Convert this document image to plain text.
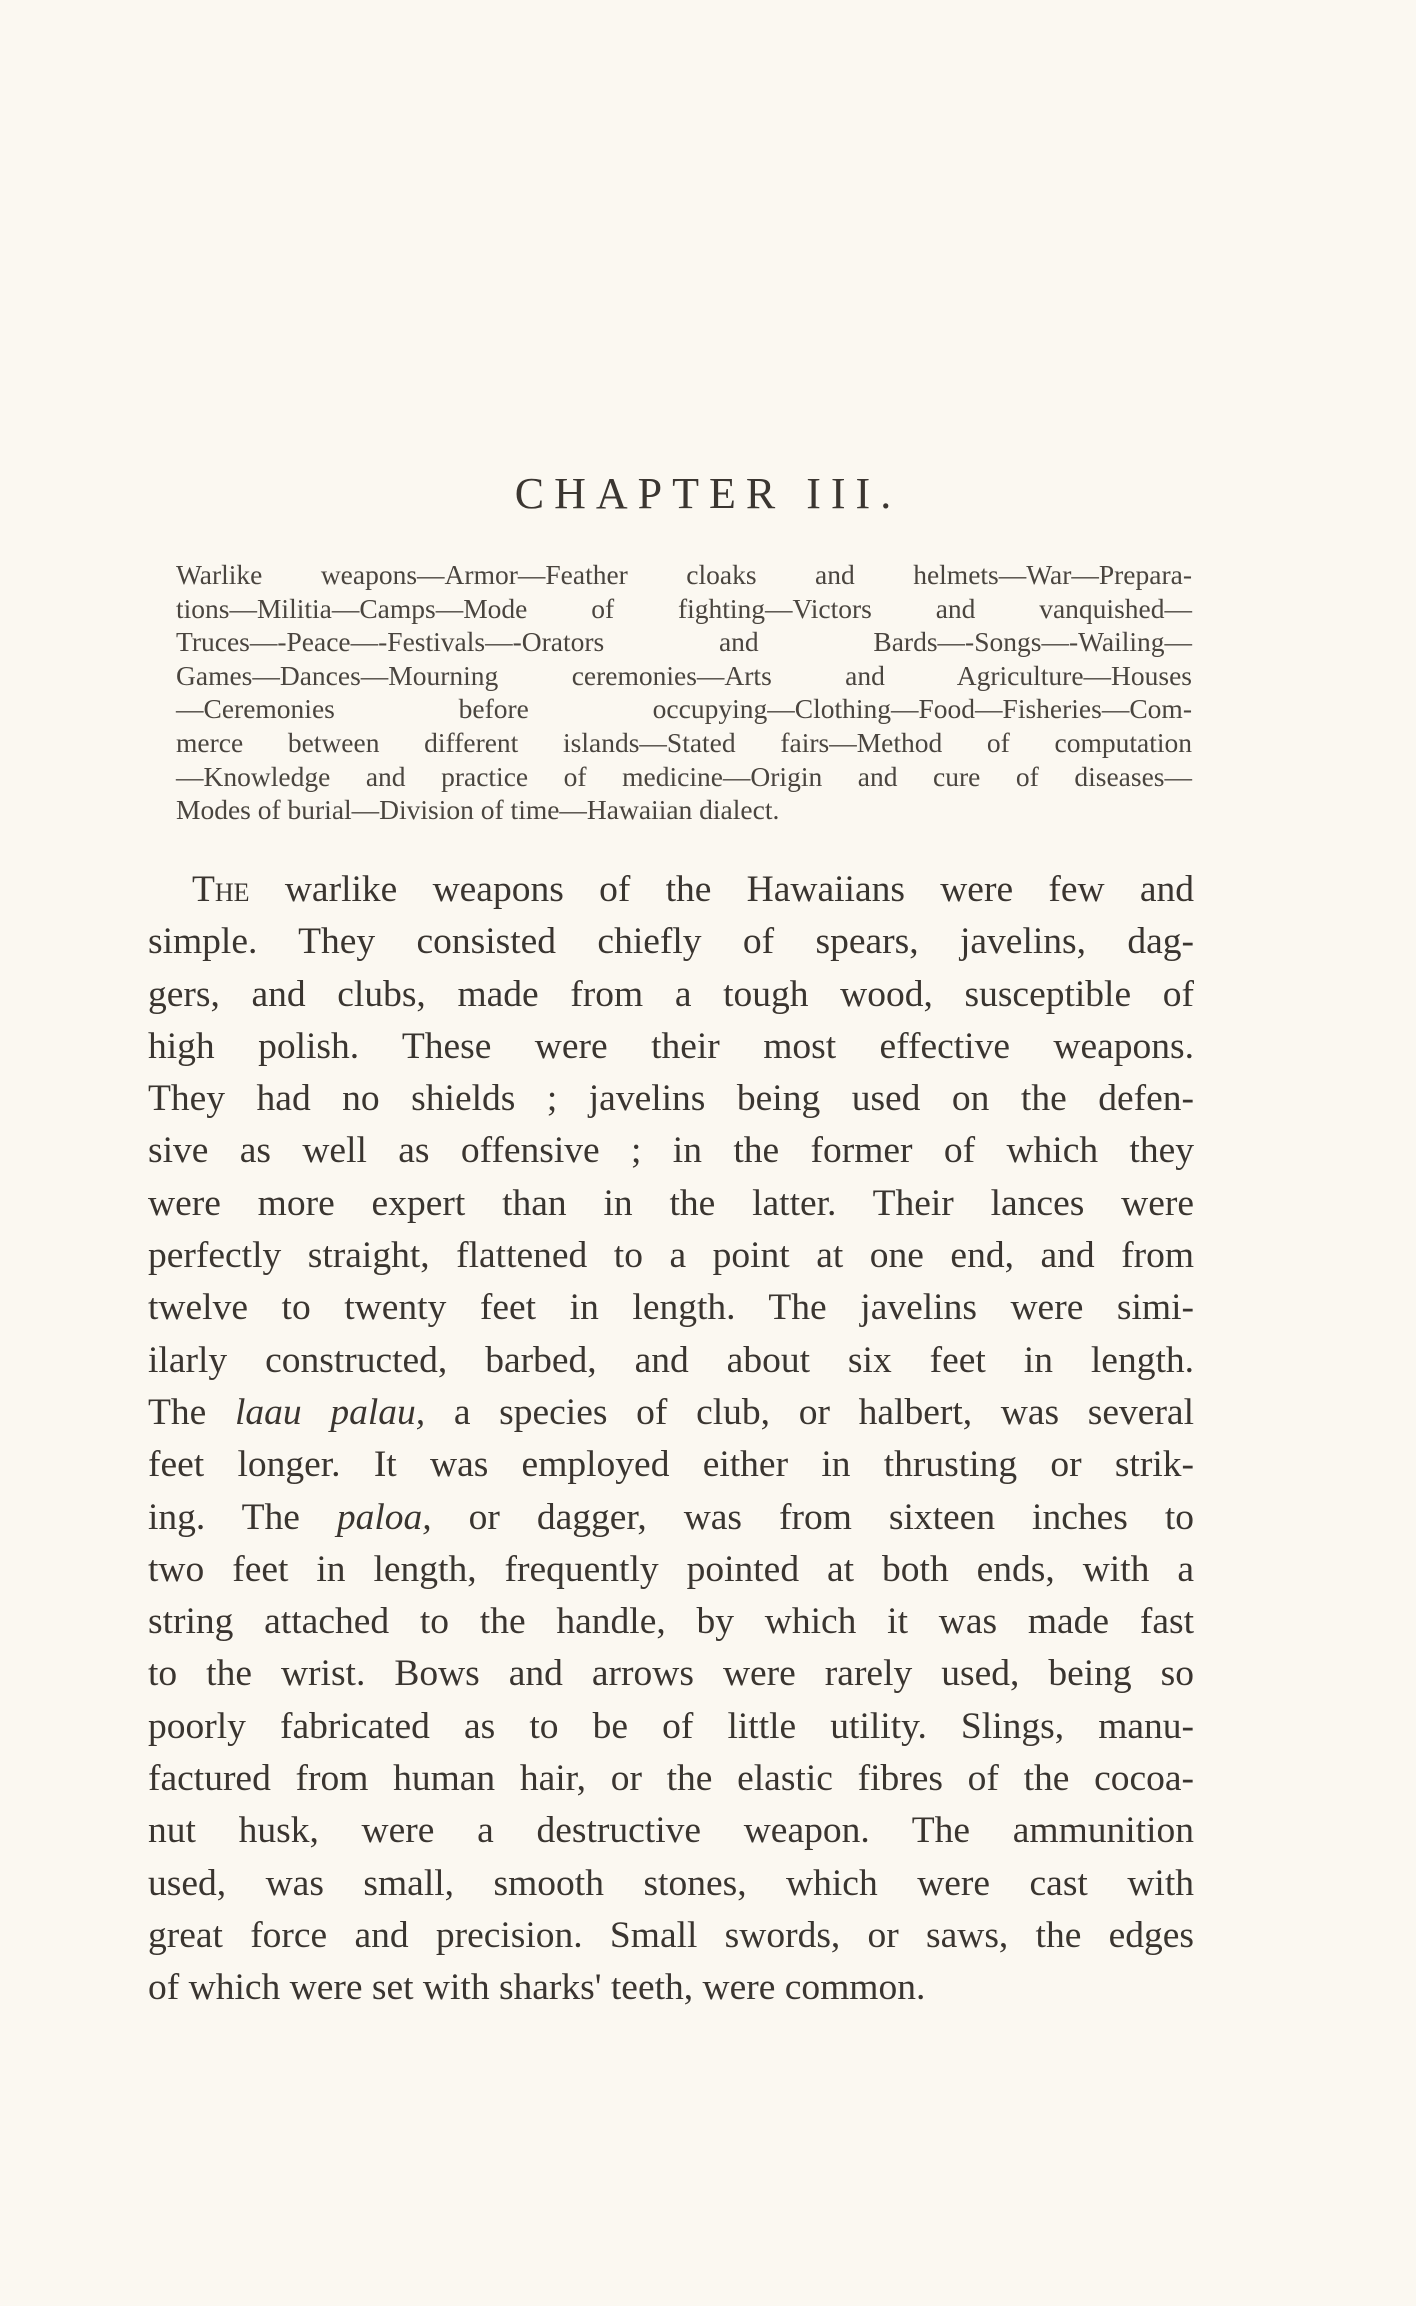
CHAPTER III.
Warlike weapons—Armor—Feather cloaks and helmets—War—Prepara-
tions—Militia—Camps—Mode of fighting—Victors and vanquished—
Truces—-Peace—-Festivals—-Orators and Bards—-Songs—-Wailing—
Games—Dances—Mourning ceremonies—Arts and Agriculture—Houses
—Ceremonies before occupying—Clothing—Food—Fisheries—Com-
merce between different islands—Stated fairs—Method of computation
—Knowledge and practice of medicine—Origin and cure of diseases—
Modes of burial—Division of time—Hawaiian dialect.
The warlike weapons of the Hawaiians were few and
simple. They consisted chiefly of spears, javelins, dag-
gers, and clubs, made from a tough wood, susceptible of
high polish. These were their most effective weapons.
They had no shields ; javelins being used on the defen-
sive as well as offensive ; in the former of which they
were more expert than in the latter. Their lances were
perfectly straight, flattened to a point at one end, and from
twelve to twenty feet in length. The javelins were simi-
ilarly constructed, barbed, and about six feet in length.
The laau palau, a species of club, or halbert, was several
feet longer. It was employed either in thrusting or strik-
ing. The paloa, or dagger, was from sixteen inches to
two feet in length, frequently pointed at both ends, with a
string attached to the handle, by which it was made fast
to the wrist. Bows and arrows were rarely used, being so
poorly fabricated as to be of little utility. Slings, manu-
factured from human hair, or the elastic fibres of the cocoa-
nut husk, were a destructive weapon. The ammunition
used, was small, smooth stones, which were cast with
great force and precision. Small swords, or saws, the edges
of which were set with sharks' teeth, were common.
